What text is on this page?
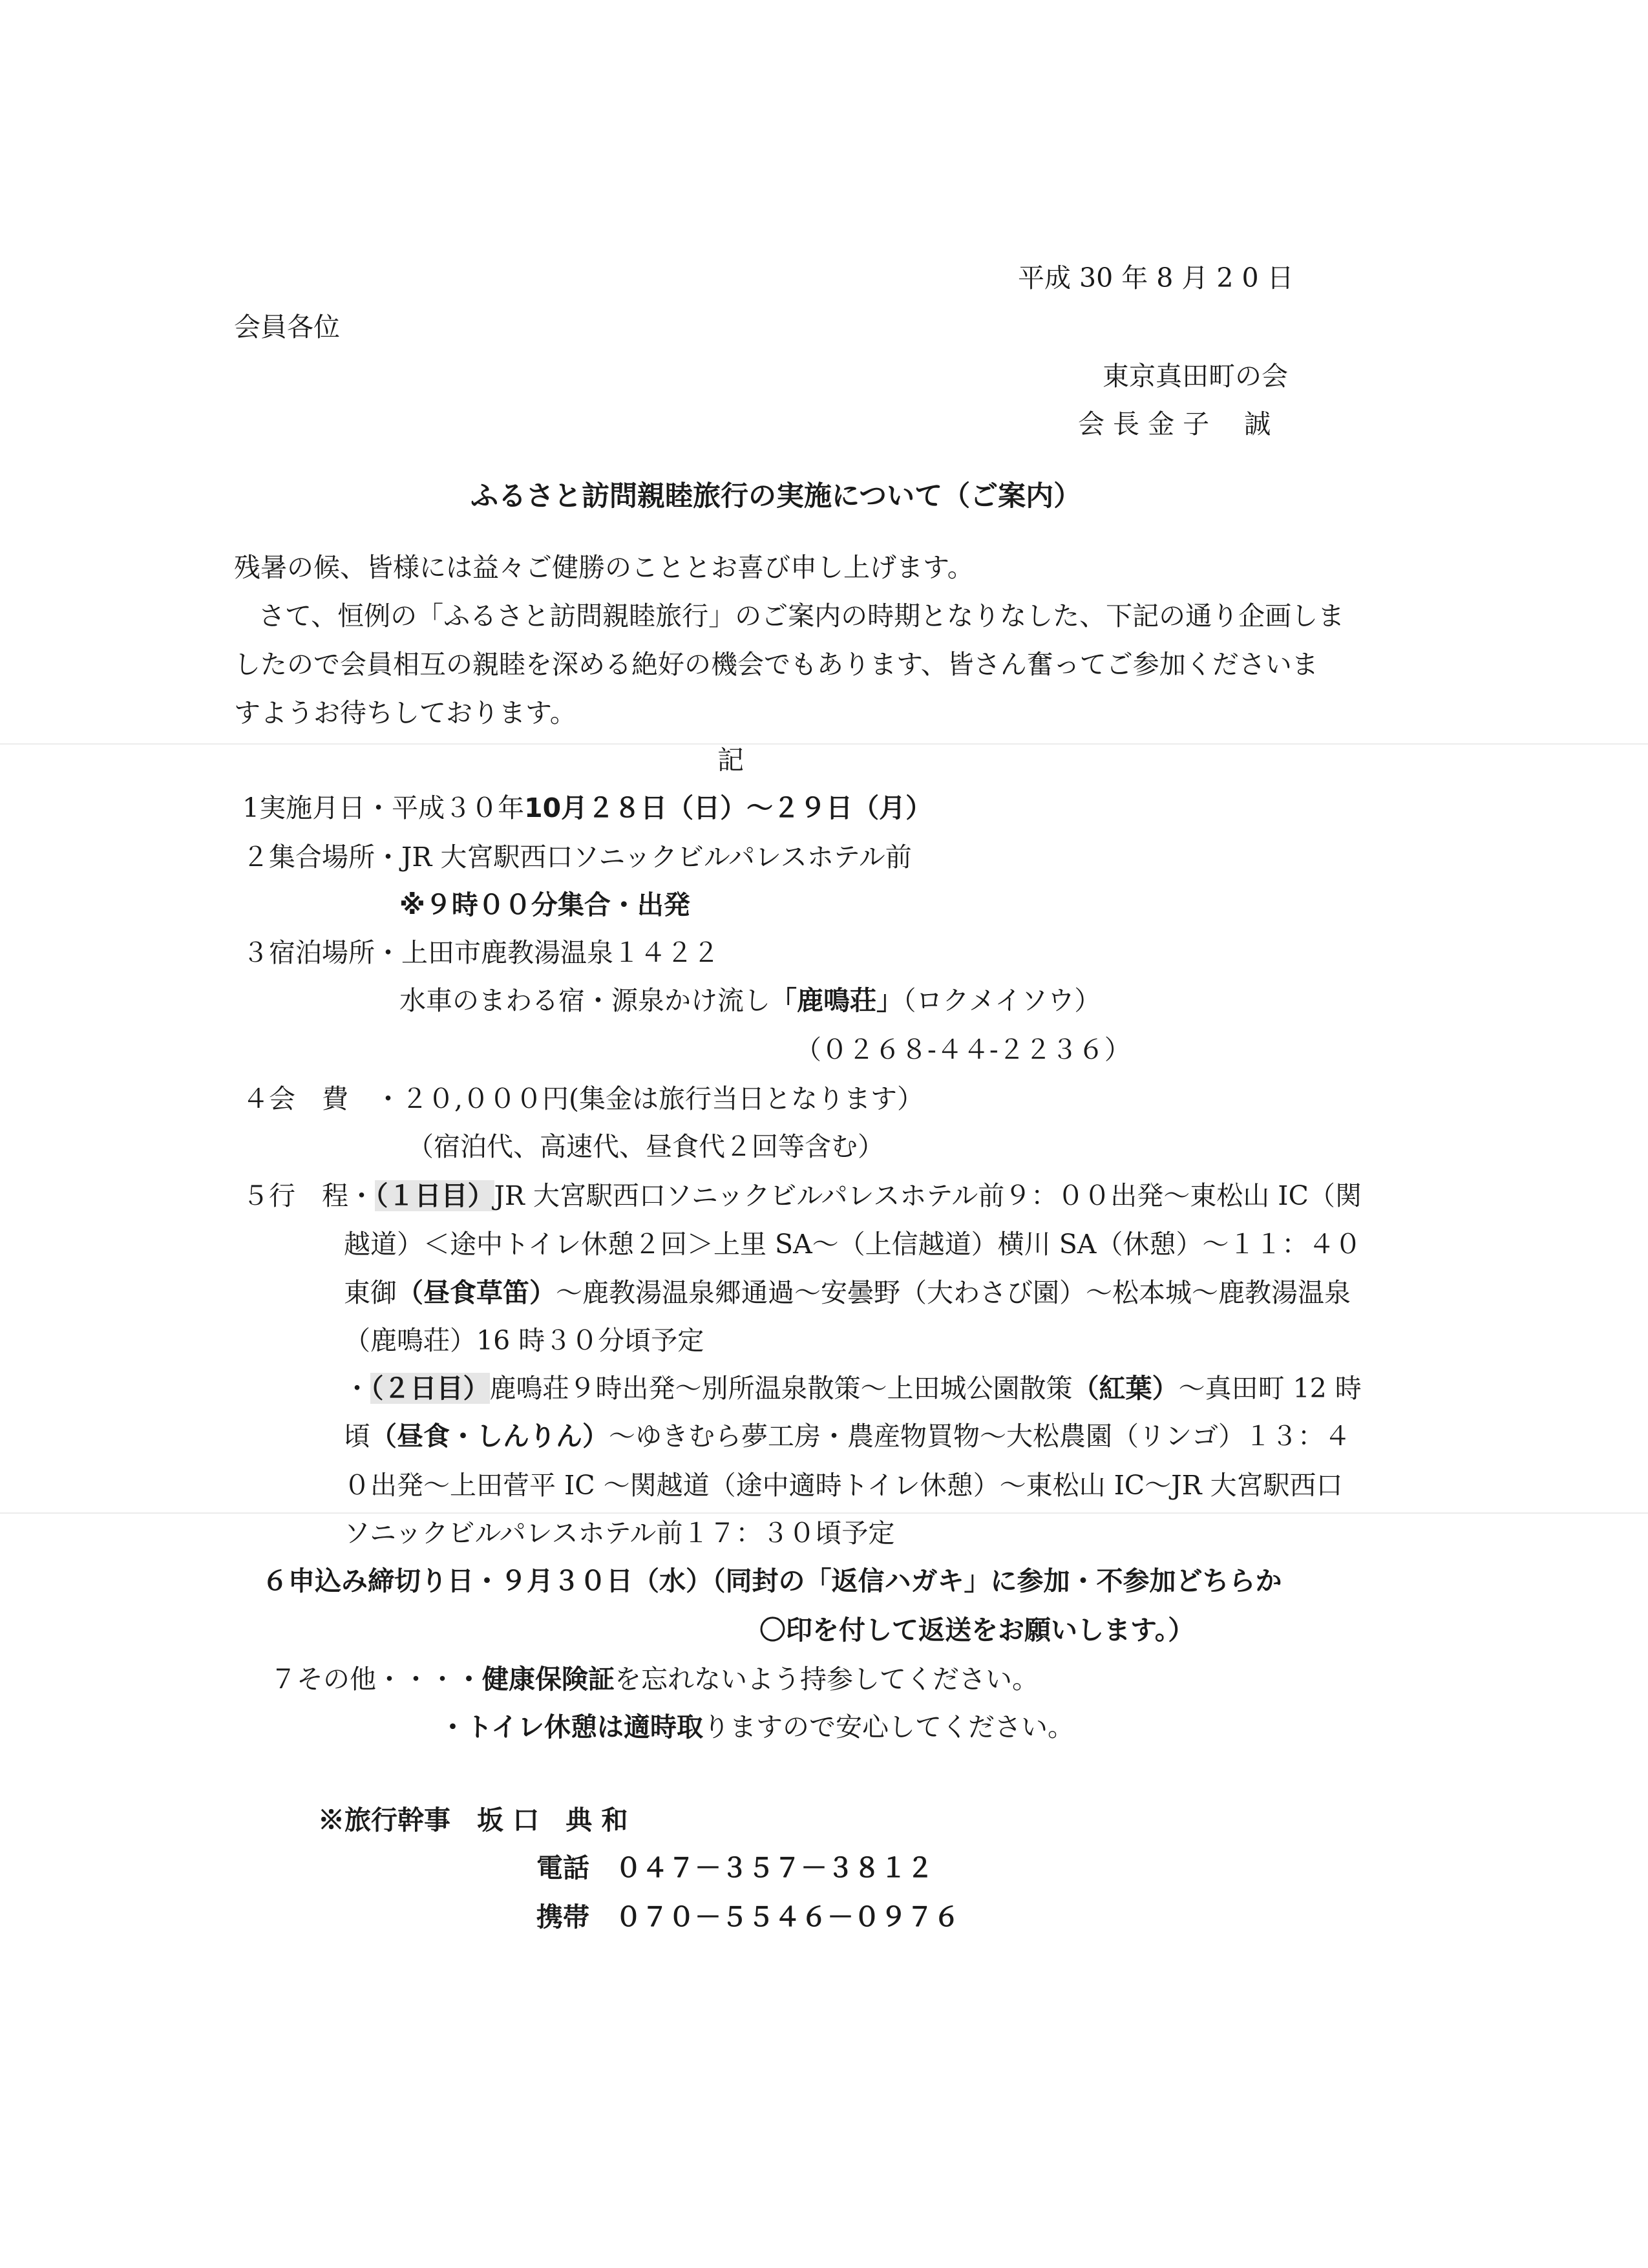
平成 30 年 8 月 2 0 日
会員各位
東京真田町の会
会 長 金 子　 誠
ふるさと訪問親睦旅行の実施について（ご案内）
残暑の候、皆様には益々ご健勝のこととお喜び申し上げます。
さて、恒例の「ふるさと訪問親睦旅行」のご案内の時期となりなした、下記の通り企画しま
したので会員相互の親睦を深める絶好の機会でもあります、皆さん奮ってご参加くださいま
すようお待ちしております。
記
1実施月日・平成３０年10月２８日（日）～２９日（月）
２集合場所・JR 大宮駅西口ソニックビルパレスホテル前
※９時００分集合・出発
３宿泊場所・上田市鹿教湯温泉１４２２
水車のまわる宿・源泉かけ流し「鹿鳴荘」（ロクメイソウ）
（０２６８-４４-２２３６）
４会　費　・２０,０００円(集金は旅行当日となります）
（宿泊代、高速代、昼食代２回等含む）
５行　程・（１日目）JR 大宮駅西口ソニックビルパレスホテル前９：００出発～東松山 IC（関
越道）＜途中トイレ休憩２回＞上里 SA～（上信越道）横川 SA（休憩）～１１：４０
東御（昼食草笛）～鹿教湯温泉郷通過～安曇野（大わさび園）～松本城～鹿教湯温泉
（鹿鳴荘）16 時３０分頃予定
・（２日目）鹿鳴荘９時出発～別所温泉散策～上田城公園散策（紅葉）～真田町 12 時
頃（昼食・しんりん）～ゆきむら夢工房・農産物買物～大松農園（リンゴ）１３：４
０出発～上田菅平 IC ～関越道（途中適時トイレ休憩）～東松山 IC～JR 大宮駅西口
ソニックビルパレスホテル前１７：３０頃予定
６申込み締切り日・９月３０日（水）（同封の「返信ハガキ」に参加・不参加どちらか
〇印を付して返送をお願いします。）
７その他・・・・健康保険証を忘れないよう持参してください。
・トイレ休憩は適時取りますので安心してください。
※旅行幹事　坂 口　典 和
電話 ０４７－３５７－３８１２
携帯 ０７０－５５４６－０９７６
